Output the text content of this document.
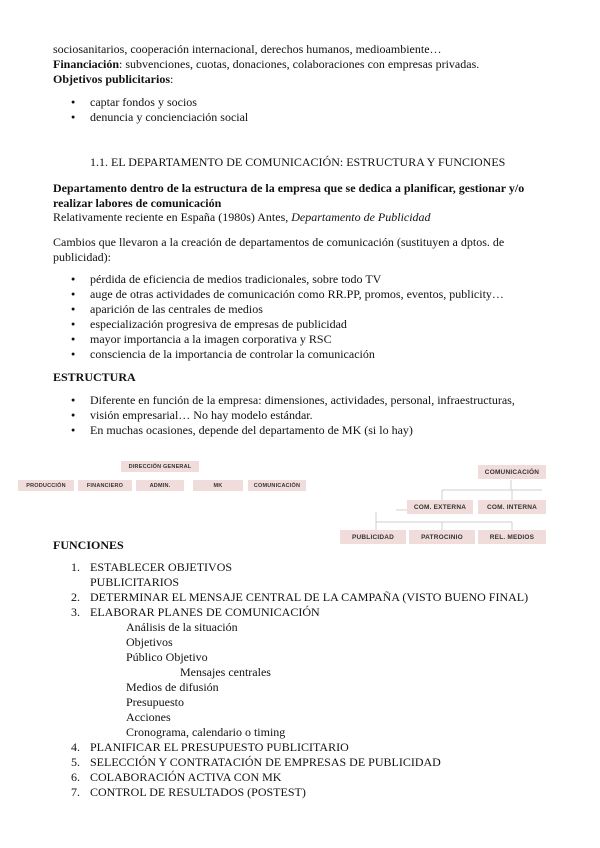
sociosanitarios, cooperación internacional, derechos humanos, medioambiente…
Financiación: subvenciones, cuotas, donaciones, colaboraciones con empresas privadas.
Objetivos publicitarios:
● captar fondos y socios
● denuncia y concienciación social
1.1. EL DEPARTAMENTO DE COMUNICACIÓN: ESTRUCTURA Y FUNCIONES
Departamento dentro de la estructura de la empresa que se dedica a planificar, gestionar y/o
realizar labores de comunicación
Relativamente reciente en España (1980s) Antes, Departamento de Publicidad
Cambios que llevaron a la creación de departamentos de comunicación (sustituyen a dptos. de
publicidad):
● pérdida de eficiencia de medios tradicionales, sobre todo TV
● auge de otras actividades de comunicación como RR.PP, promos, eventos, publicity…
● aparición de las centrales de medios
● especialización progresiva de empresas de publicidad
● mayor importancia a la imagen corporativa y RSC
● consciencia de la importancia de controlar la comunicación
ESTRUCTURA
● Diferente en función de la empresa: dimensiones, actividades, personal, infraestructuras,
● visión empresarial… No hay modelo estándar.
● En muchas ocasiones, depende del departamento de MK (si lo hay)
DIRECCIÓN GENERAL
PRODUCCIÓN	FINANCIERO	ADMIN.	MK	COMUNICACIÓN
COMUNICACIÓN
COM. EXTERNA	COM. INTERNA
PUBLICIDAD	PATROCINIO	REL. MEDIOS
FUNCIONES
1. ESTABLECER OBJETIVOS
PUBLICITARIOS
2. DETERMINAR EL MENSAJE CENTRAL DE LA CAMPAÑA (VISTO BUENO FINAL)
3. ELABORAR PLANES DE COMUNICACIÓN
Análisis de la situación
Objetivos
Público Objetivo
Mensajes centrales
Medios de difusión
Presupuesto
Acciones
Cronograma, calendario o timing
4. PLANIFICAR EL PRESUPUESTO PUBLICITARIO
5. SELECCIÓN Y CONTRATACIÓN DE EMPRESAS DE PUBLICIDAD
6. COLABORACIÓN ACTIVA CON MK
7. CONTROL DE RESULTADOS (POSTEST)
